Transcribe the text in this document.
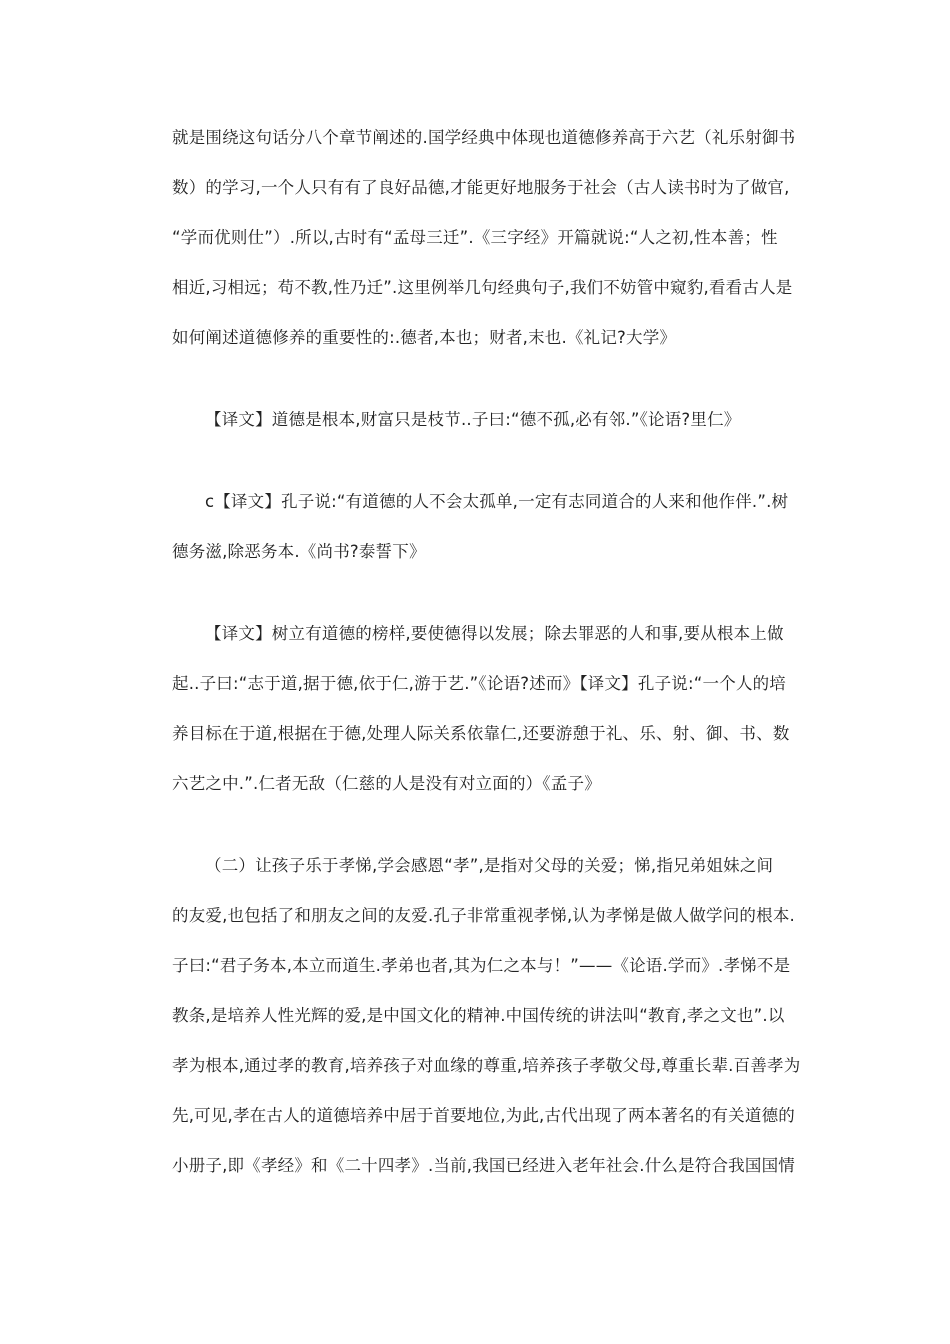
就是围绕这句话分八个章节阐述的.国学经典中体现也道德修养高于六艺（礼乐射御书
数）的学习,一个人只有有了良好品德,才能更好地服务于社会（古人读书时为了做官,
“学而优则仕”）.所以,古时有“孟母三迁”.《三字经》开篇就说:“人之初,性本善；性
相近,习相远；苟不教,性乃迁”.这里例举几句经典句子,我们不妨管中窥豹,看看古人是
如何阐述道德修养的重要性的:.德者,本也；财者,末也.《礼记?大学》
【译文】道德是根本,财富只是枝节..子曰:“德不孤,必有邻.”《论语?里仁》
c【译文】孔子说:“有道德的人不会太孤单,一定有志同道合的人来和他作伴.”.树
德务滋,除恶务本.《尚书?泰誓下》
【译文】树立有道德的榜样,要使德得以发展；除去罪恶的人和事,要从根本上做
起..子曰:“志于道,据于德,依于仁,游于艺.”《论语?述而》【译文】孔子说:“一个人的培
养目标在于道,根据在于德,处理人际关系依靠仁,还要游憩于礼、乐、射、御、书、数
六艺之中.”.仁者无敌（仁慈的人是没有对立面的）《孟子》
（二）让孩子乐于孝悌,学会感恩“孝”,是指对父母的关爱；悌,指兄弟姐妹之间
的友爱,也包括了和朋友之间的友爱.孔子非常重视孝悌,认为孝悌是做人做学问的根本.
子曰:“君子务本,本立而道生.孝弟也者,其为仁之本与！”——《论语.学而》.孝悌不是
教条,是培养人性光辉的爱,是中国文化的精神.中国传统的讲法叫“教育,孝之文也”.以
孝为根本,通过孝的教育,培养孩子对血缘的尊重,培养孩子孝敬父母,尊重长辈.百善孝为
先,可见,孝在古人的道德培养中居于首要地位,为此,古代出现了两本著名的有关道德的
小册子,即《孝经》和《二十四孝》.当前,我国已经进入老年社会.什么是符合我国国情
